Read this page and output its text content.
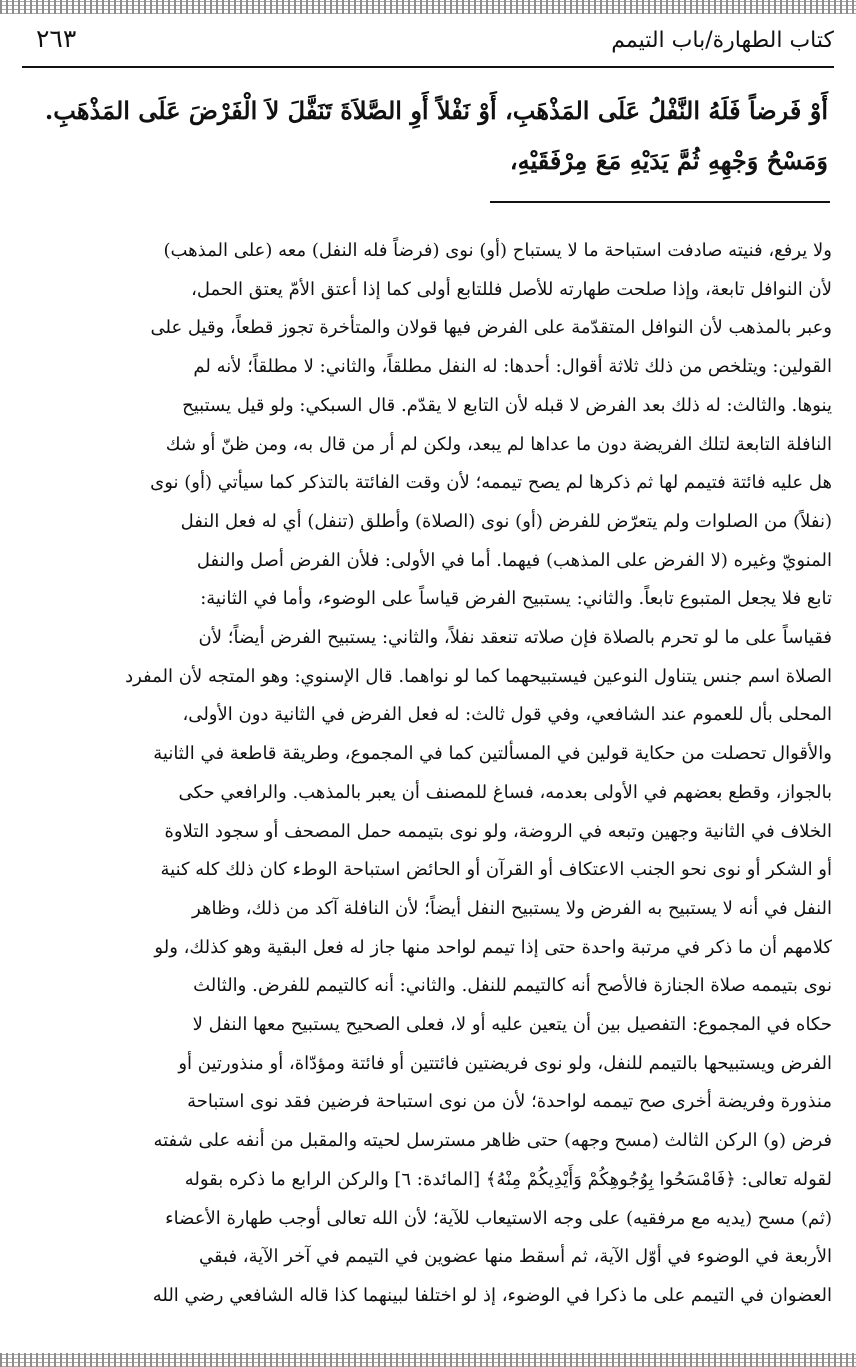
كتاب الطهارة/باب التيمم
٢٦٣

أَوْ فَرضاً فَلَهُ النَّفْلُ عَلَى المَذْهَبِ، أَوْ نَفْلاً أَوِ الصَّلاَةَ تَنَفَّلَ لاَ الْفَرْضَ عَلَى المَذْهَبِ.

وَمَسْحُ وَجْهِهِ ثُمَّ يَدَيْهِ مَعَ مِرْفَقَيْهِ،

ولا يرفع، فنيته صادفت استباحة ما لا يستباح (أو) نوى (فرضاً فله النفل) معه (على المذهب)
لأن النوافل تابعة، وإذا صلحت طهارته للأصل فللتابع أولى كما إذا أعتق الأمّ يعتق الحمل،
وعبر بالمذهب لأن النوافل المتقدّمة على الفرض فيها قولان والمتأخرة تجوز قطعاً، وقيل على
القولين: ويتلخص من ذلك ثلاثة أقوال: أحدها: له النفل مطلقاً، والثاني: لا مطلقاً؛ لأنه لم
ينوها. والثالث: له ذلك بعد الفرض لا قبله لأن التابع لا يقدّم. قال السبكي: ولو قيل يستبيح
النافلة التابعة لتلك الفريضة دون ما عداها لم يبعد، ولكن لم أر من قال به، ومن ظنّ أو شك
هل عليه فائتة فتيمم لها ثم ذكرها لم يصح تيممه؛ لأن وقت الفائتة بالتذكر كما سيأتي (أو) نوى
(نفلاً) من الصلوات ولم يتعرّض للفرض (أو) نوى (الصلاة) وأطلق (تنفل) أي له فعل النفل
المنويّ وغيره (لا الفرض على المذهب) فيهما. أما في الأولى: فلأن الفرض أصل والنفل
تابع فلا يجعل المتبوع تابعاً. والثاني: يستبيح الفرض قياساً على الوضوء، وأما في الثانية:
فقياساً على ما لو تحرم بالصلاة فإن صلاته تنعقد نفلاً، والثاني: يستبيح الفرض أيضاً؛ لأن
الصلاة اسم جنس يتناول النوعين فيستبيحهما كما لو نواهما. قال الإسنوي: وهو المتجه لأن المفرد
المحلى بأل للعموم عند الشافعي، وفي قول ثالث: له فعل الفرض في الثانية دون الأولى،
والأقوال تحصلت من حكاية قولين في المسألتين كما في المجموع، وطريقة قاطعة في الثانية
بالجواز، وقطع بعضهم في الأولى بعدمه، فساغ للمصنف أن يعبر بالمذهب. والرافعي حكى
الخلاف في الثانية وجهين وتبعه في الروضة، ولو نوى بتيممه حمل المصحف أو سجود التلاوة
أو الشكر أو نوى نحو الجنب الاعتكاف أو القرآن أو الحائض استباحة الوطء كان ذلك كله كنية
النفل في أنه لا يستبيح به الفرض ولا يستبيح النفل أيضاً؛ لأن النافلة آكد من ذلك، وظاهر
كلامهم أن ما ذكر في مرتبة واحدة حتى إذا تيمم لواحد منها جاز له فعل البقية وهو كذلك، ولو
نوى بتيممه صلاة الجنازة فالأصح أنه كالتيمم للنفل. والثاني: أنه كالتيمم للفرض. والثالث
حكاه في المجموع: التفصيل بين أن يتعين عليه أو لا، فعلى الصحيح يستبيح معها النفل لا
الفرض ويستبيحها بالتيمم للنفل، ولو نوى فريضتين فائتتين أو فائتة ومؤدّاة، أو منذورتين أو
منذورة وفريضة أخرى صح تيممه لواحدة؛ لأن من نوى استباحة فرضين فقد نوى استباحة
فرض (و) الركن الثالث (مسح وجهه) حتى ظاهر مسترسل لحيته والمقبل من أنفه على شفته
لقوله تعالى: ﴿فَامْسَحُوا بِوُجُوهِكُمْ وَأَيْدِيكُمْ مِنْهُ﴾ [المائدة: ٦] والركن الرابع ما ذكره بقوله
(ثم) مسح (يديه مع مرفقيه) على وجه الاستيعاب للآية؛ لأن الله تعالى أوجب طهارة الأعضاء
الأربعة في الوضوء في أوّل الآية، ثم أسقط منها عضوين في التيمم في آخر الآية، فبقي
العضوان في التيمم على ما ذكرا في الوضوء، إذ لو اختلفا لبينهما كذا قاله الشافعي رضي الله
